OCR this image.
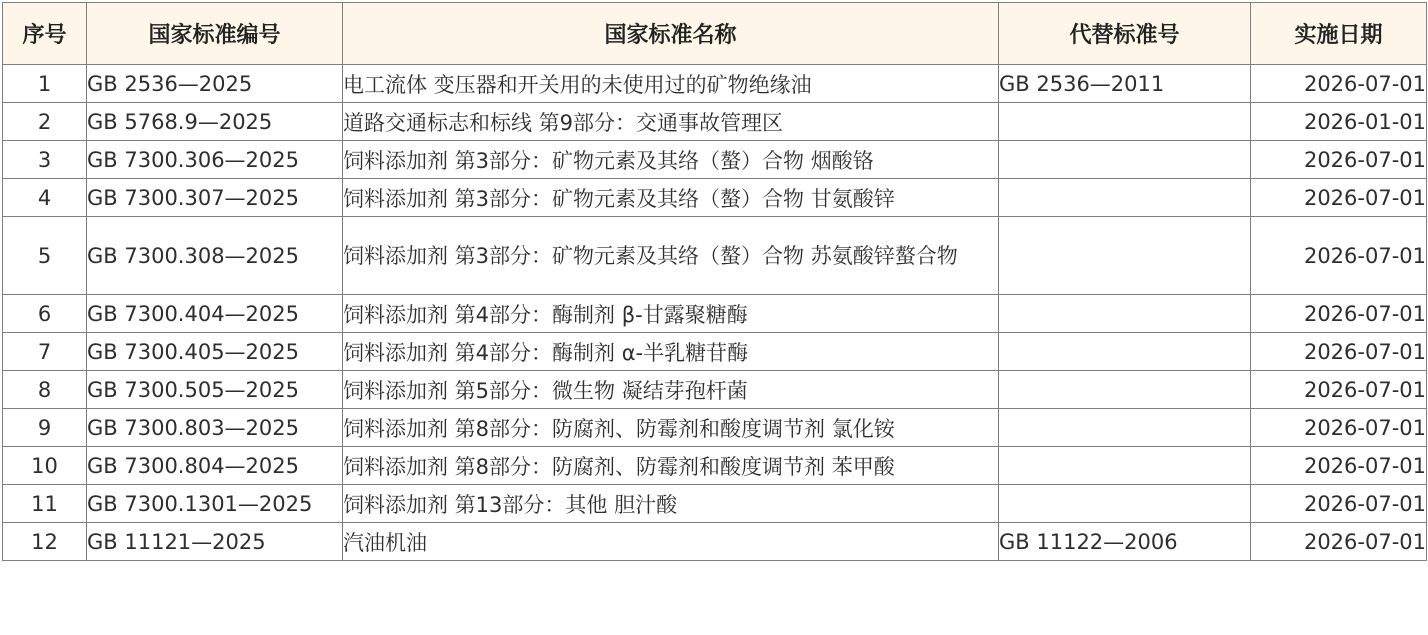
序号	国家标准编号	国家标准名称	代替标准号	实施日期
1	GB 2536—2025	电工流体 变压器和开关用的未使用过的矿物绝缘油	GB 2536—2011	2026-07-01
2	GB 5768.9—2025	道路交通标志和标线 第9部分：交通事故管理区		2026-01-01
3	GB 7300.306—2025	饲料添加剂 第3部分：矿物元素及其络（螯）合物 烟酸铬		2026-07-01
4	GB 7300.307—2025	饲料添加剂 第3部分：矿物元素及其络（螯）合物 甘氨酸锌		2026-07-01
5	GB 7300.308—2025	饲料添加剂 第3部分：矿物元素及其络（螯）合物 苏氨酸锌螯合物		2026-07-01
6	GB 7300.404—2025	饲料添加剂 第4部分：酶制剂 β-甘露聚糖酶		2026-07-01
7	GB 7300.405—2025	饲料添加剂 第4部分：酶制剂 α-半乳糖苷酶		2026-07-01
8	GB 7300.505—2025	饲料添加剂 第5部分：微生物 凝结芽孢杆菌		2026-07-01
9	GB 7300.803—2025	饲料添加剂 第8部分：防腐剂、防霉剂和酸度调节剂 氯化铵		2026-07-01
10	GB 7300.804—2025	饲料添加剂 第8部分：防腐剂、防霉剂和酸度调节剂 苯甲酸		2026-07-01
11	GB 7300.1301—2025	饲料添加剂 第13部分：其他 胆汁酸		2026-07-01
12	GB 11121—2025	汽油机油	GB 11122—2006	2026-07-01
